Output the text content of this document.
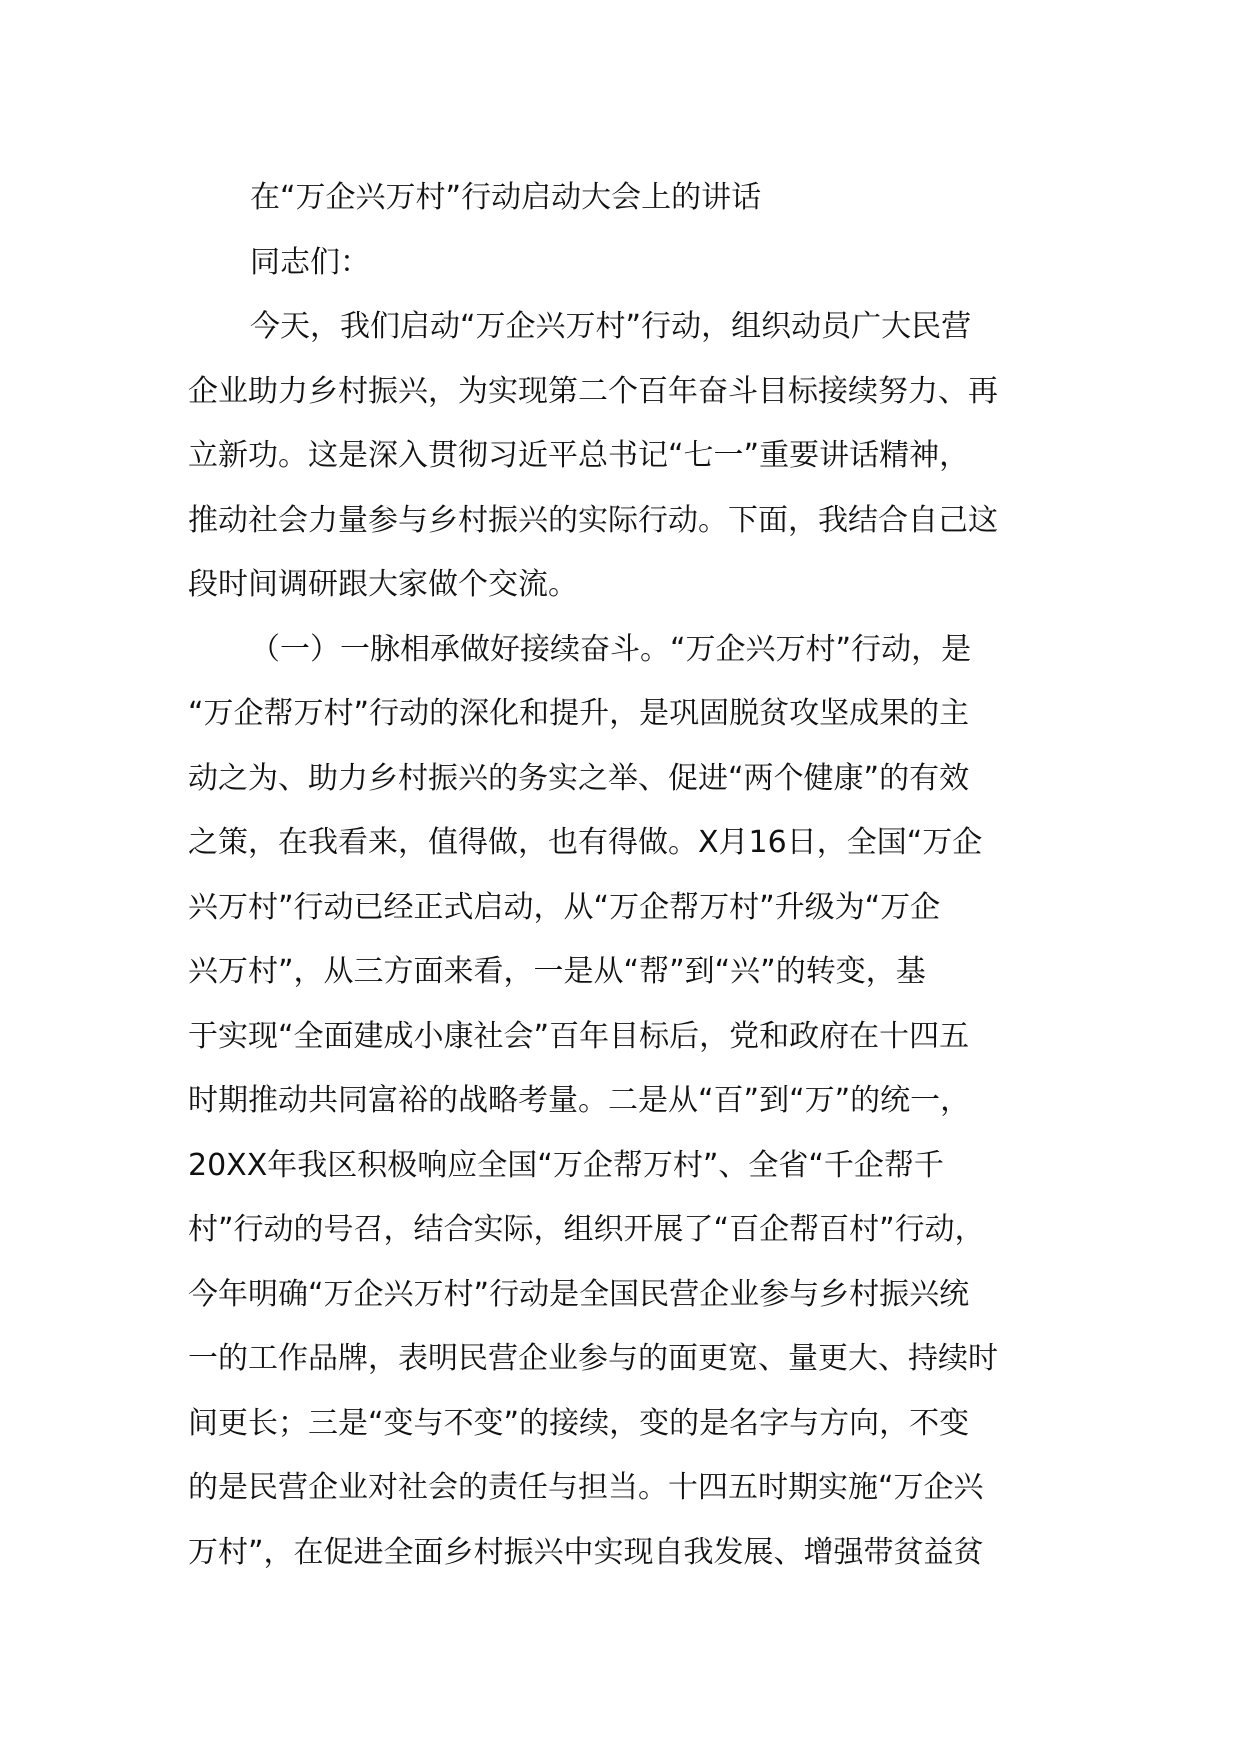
在“万企兴万村”行动启动大会上的讲话
同志们：
今天，我们启动“万企兴万村”行动，组织动员广大民营
企业助力乡村振兴，为实现第二个百年奋斗目标接续努力、再
立新功。这是深入贯彻习近平总书记“七一”重要讲话精神，
推动社会力量参与乡村振兴的实际行动。下面，我结合自己这
段时间调研跟大家做个交流。
（一）一脉相承做好接续奋斗。“万企兴万村”行动，是
“万企帮万村”行动的深化和提升，是巩固脱贫攻坚成果的主
动之为、助力乡村振兴的务实之举、促进“两个健康”的有效
之策，在我看来，值得做，也有得做。X月16日，全国“万企
兴万村”行动已经正式启动，从“万企帮万村”升级为“万企
兴万村”，从三方面来看，一是从“帮”到“兴”的转变，基
于实现“全面建成小康社会”百年目标后，党和政府在十四五
时期推动共同富裕的战略考量。二是从“百”到“万”的统一，
20XX年我区积极响应全国“万企帮万村”、全省“千企帮千
村”行动的号召，结合实际，组织开展了“百企帮百村”行动，
今年明确“万企兴万村”行动是全国民营企业参与乡村振兴统
一的工作品牌，表明民营企业参与的面更宽、量更大、持续时
间更长；三是“变与不变”的接续，变的是名字与方向，不变
的是民营企业对社会的责任与担当。十四五时期实施“万企兴
万村”，在促进全面乡村振兴中实现自我发展、增强带贫益贫
